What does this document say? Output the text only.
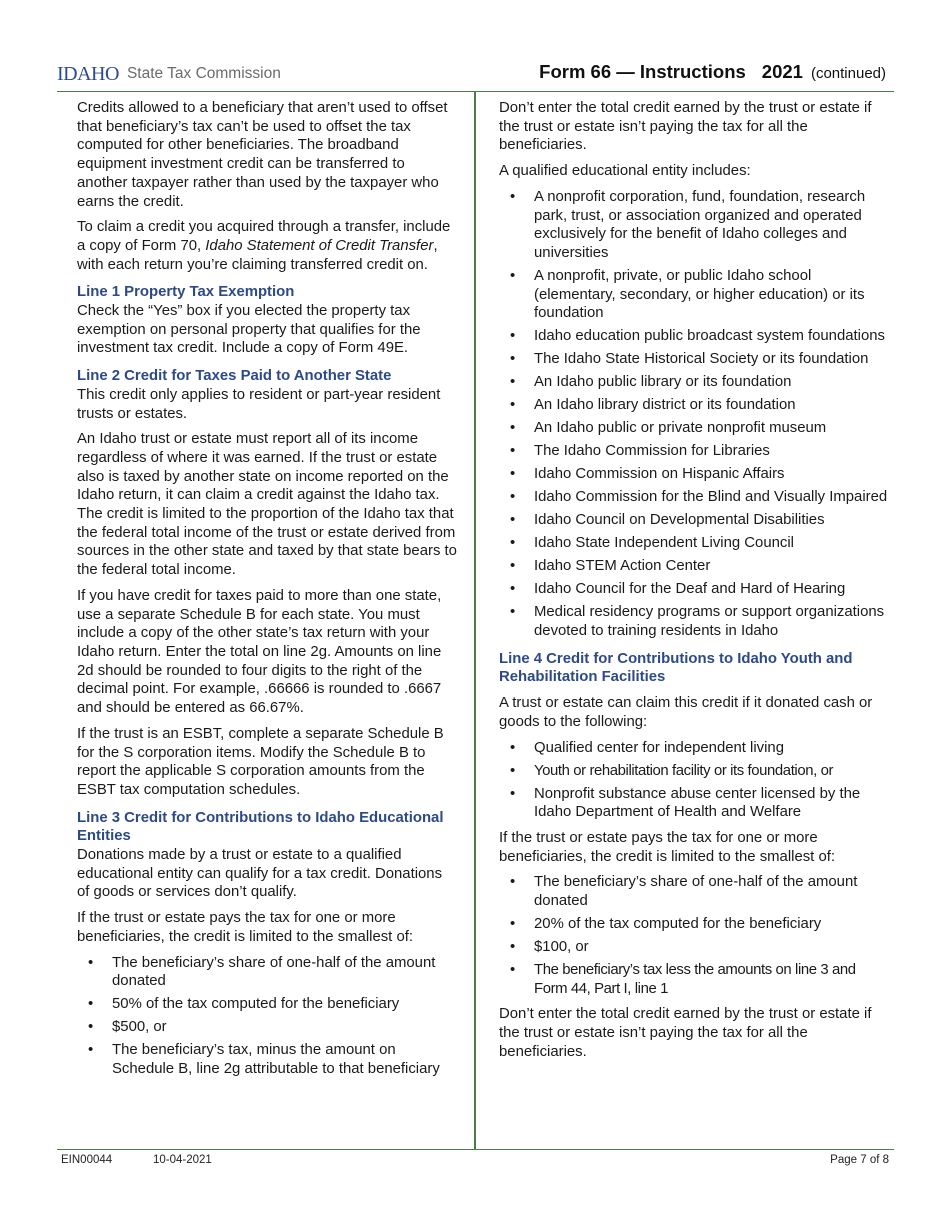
IDAHO State Tax Commission	Form 66 — Instructions 2021 (continued)

Credits allowed to a beneficiary that aren’t used to offset that beneficiary’s tax can’t be used to offset the tax computed for other beneficiaries. The broadband equipment investment credit can be transferred to another taxpayer rather than used by the taxpayer who earns the credit.

To claim a credit you acquired through a transfer, include a copy of Form 70, Idaho Statement of Credit Transfer, with each return you’re claiming transferred credit on.

Line 1 Property Tax Exemption

Check the “Yes” box if you elected the property tax exemption on personal property that qualifies for the investment tax credit. Include a copy of Form 49E.

Line 2 Credit for Taxes Paid to Another State

This credit only applies to resident or part-year resident trusts or estates.

An Idaho trust or estate must report all of its income regardless of where it was earned. If the trust or estate also is taxed by another state on income reported on the Idaho return, it can claim a credit against the Idaho tax. The credit is limited to the proportion of the Idaho tax that the federal total income of the trust or estate derived from sources in the other state and taxed by that state bears to the federal total income.

If you have credit for taxes paid to more than one state, use a separate Schedule B for each state. You must include a copy of the other state’s tax return with your Idaho return. Enter the total on line 2g. Amounts on line 2d should be rounded to four digits to the right of the decimal point. For example, .66666 is rounded to .6667 and should be entered as 66.67%.

If the trust is an ESBT, complete a separate Schedule B for the S corporation items. Modify the Schedule B to report the applicable S corporation amounts from the ESBT tax computation schedules.

Line 3 Credit for Contributions to Idaho Educational Entities

Donations made by a trust or estate to a qualified educational entity can qualify for a tax credit. Donations of goods or services don’t qualify.

If the trust or estate pays the tax for one or more beneficiaries, the credit is limited to the smallest of:

• The beneficiary’s share of one-half of the amount donated
• 50% of the tax computed for the beneficiary
• $500, or
• The beneficiary’s tax, minus the amount on Schedule B, line 2g attributable to that beneficiary

Don’t enter the total credit earned by the trust or estate if the trust or estate isn’t paying the tax for all the beneficiaries.

A qualified educational entity includes:

• A nonprofit corporation, fund, foundation, research park, trust, or association organized and operated exclusively for the benefit of Idaho colleges and universities
• A nonprofit, private, or public Idaho school (elementary, secondary, or higher education) or its foundation
• Idaho education public broadcast system foundations
• The Idaho State Historical Society or its foundation
• An Idaho public library or its foundation
• An Idaho library district or its foundation
• An Idaho public or private nonprofit museum
• The Idaho Commission for Libraries
• Idaho Commission on Hispanic Affairs
• Idaho Commission for the Blind and Visually Impaired
• Idaho Council on Developmental Disabilities
• Idaho State Independent Living Council
• Idaho STEM Action Center
• Idaho Council for the Deaf and Hard of Hearing
• Medical residency programs or support organizations devoted to training residents in Idaho
Line 4 Credit for Contributions to Idaho Youth and Rehabilitation Facilities

A trust or estate can claim this credit if it donated cash or goods to the following:

• Qualified center for independent living
• Youth or rehabilitation facility or its foundation, or
• Nonprofit substance abuse center licensed by the Idaho Department of Health and Welfare

If the trust or estate pays the tax for one or more beneficiaries, the credit is limited to the smallest of:

• The beneficiary’s share of one-half of the amount donated
• 20% of the tax computed for the beneficiary
• $100, or
• The beneficiary’s tax less the amounts on line 3 and Form 44, Part I, line 1

Don’t enter the total credit earned by the trust or estate if the trust or estate isn’t paying the tax for all the beneficiaries.

EIN00044	10-04-2021	Page 7 of 8
